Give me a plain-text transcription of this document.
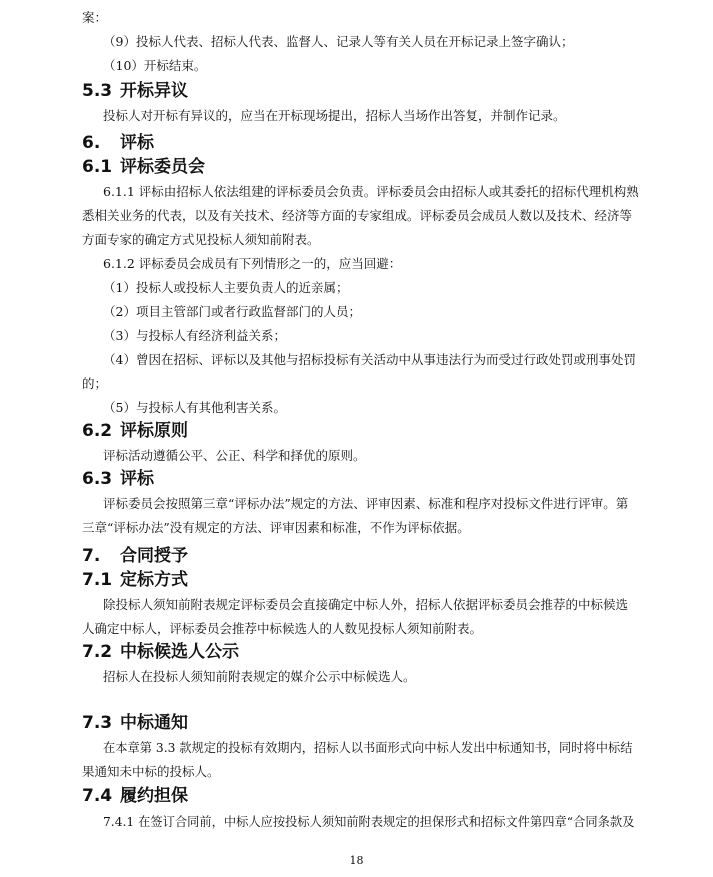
案：
（9）投标人代表、招标人代表、监督人、记录人等有关人员在开标记录上签字确认；
（10）开标结束。
5.3 开标异议
投标人对开标有异议的，应当在开标现场提出，招标人当场作出答复，并制作记录。
6. 评标
6.1 评标委员会
6.1.1 评标由招标人依法组建的评标委员会负责。评标委员会由招标人或其委托的招标代理机构熟
悉相关业务的代表，以及有关技术、经济等方面的专家组成。评标委员会成员人数以及技术、经济等
方面专家的确定方式见投标人须知前附表。
6.1.2 评标委员会成员有下列情形之一的，应当回避：
（1）投标人或投标人主要负责人的近亲属；
（2）项目主管部门或者行政监督部门的人员；
（3）与投标人有经济利益关系；
（4）曾因在招标、评标以及其他与招标投标有关活动中从事违法行为而受过行政处罚或刑事处罚
的；
（5）与投标人有其他利害关系。
6.2 评标原则
评标活动遵循公平、公正、科学和择优的原则。
6.3 评标
评标委员会按照第三章“评标办法”规定的方法、评审因素、标准和程序对投标文件进行评审。第
三章“评标办法”没有规定的方法、评审因素和标准，不作为评标依据。
7. 合同授予
7.1 定标方式
除投标人须知前附表规定评标委员会直接确定中标人外，招标人依据评标委员会推荐的中标候选
人确定中标人，评标委员会推荐中标候选人的人数见投标人须知前附表。
7.2 中标候选人公示
招标人在投标人须知前附表规定的媒介公示中标候选人。
7.3 中标通知
在本章第 3.3 款规定的投标有效期内，招标人以书面形式向中标人发出中标通知书，同时将中标结
果通知未中标的投标人。
7.4 履约担保
7.4.1 在签订合同前，中标人应按投标人须知前附表规定的担保形式和招标文件第四章“合同条款及
18
